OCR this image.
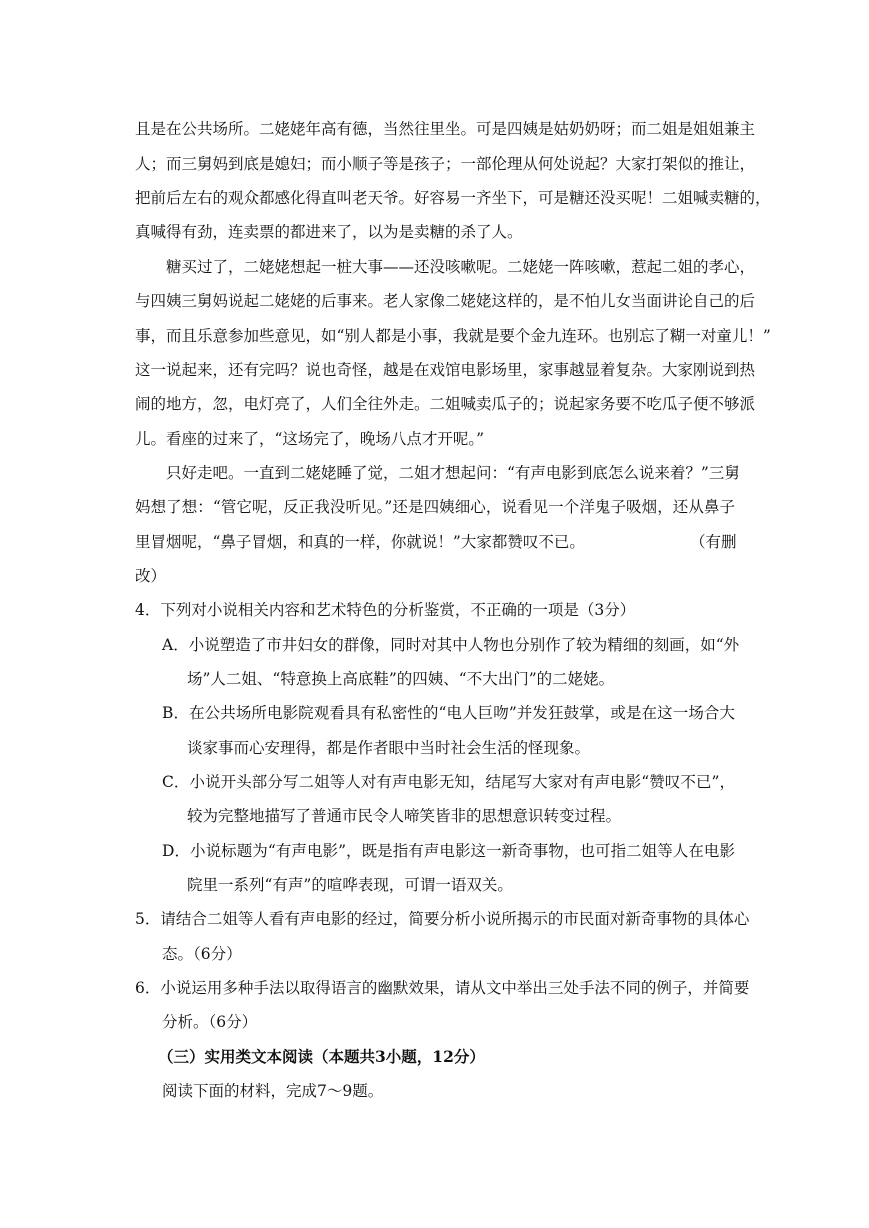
且是在公共场所。二姥姥年高有德，当然往里坐。可是四姨是姑奶奶呀；而二姐是姐姐兼主
人；而三舅妈到底是媳妇；而小顺子等是孩子；一部伦理从何处说起？大家打架似的推让，
把前后左右的观众都感化得直叫老天爷。好容易一齐坐下，可是糖还没买呢！二姐喊卖糖的，
真喊得有劲，连卖票的都进来了，以为是卖糖的杀了人。
糖买过了，二姥姥想起一桩大事——还没咳嗽呢。二姥姥一阵咳嗽，惹起二姐的孝心，
与四姨三舅妈说起二姥姥的后事来。老人家像二姥姥这样的，是不怕儿女当面讲论自己的后
事，而且乐意参加些意见，如“别人都是小事，我就是要个金九连环。也别忘了糊一对童儿！”
这一说起来，还有完吗？说也奇怪，越是在戏馆电影场里，家事越显着复杂。大家刚说到热
闹的地方，忽，电灯亮了，人们全往外走。二姐喊卖瓜子的；说起家务要不吃瓜子便不够派
儿。看座的过来了，“这场完了，晚场八点才开呢。”
只好走吧。一直到二姥姥睡了觉，二姐才想起问：“有声电影到底怎么说来着？”三舅
妈想了想：“管它呢，反正我没听见。”还是四姨细心，说看见一个洋鬼子吸烟，还从鼻子
里冒烟呢，“鼻子冒烟，和真的一样，你就说！”大家都赞叹不已。	（有删
改）
4．下列对小说相关内容和艺术特色的分析鉴赏，不正确的一项是（3分）
A．小说塑造了市井妇女的群像，同时对其中人物也分别作了较为精细的刻画，如“外
场”人二姐、“特意换上高底鞋”的四姨、“不大出门”的二姥姥。
B．在公共场所电影院观看具有私密性的“电人巨吻”并发狂鼓掌，或是在这一场合大
谈家事而心安理得，都是作者眼中当时社会生活的怪现象。
C．小说开头部分写二姐等人对有声电影无知，结尾写大家对有声电影“赞叹不已”，
较为完整地描写了普通市民令人啼笑皆非的思想意识转变过程。
D．小说标题为“有声电影”，既是指有声电影这一新奇事物，也可指二姐等人在电影
院里一系列“有声”的喧哗表现，可谓一语双关。
5．请结合二姐等人看有声电影的经过，简要分析小说所揭示的市民面对新奇事物的具体心
态。（6分）
6．小说运用多种手法以取得语言的幽默效果，请从文中举出三处手法不同的例子，并简要
分析。（6分）
（三）实用类文本阅读（本题共3小题，12分）
阅读下面的材料，完成7～9题。
